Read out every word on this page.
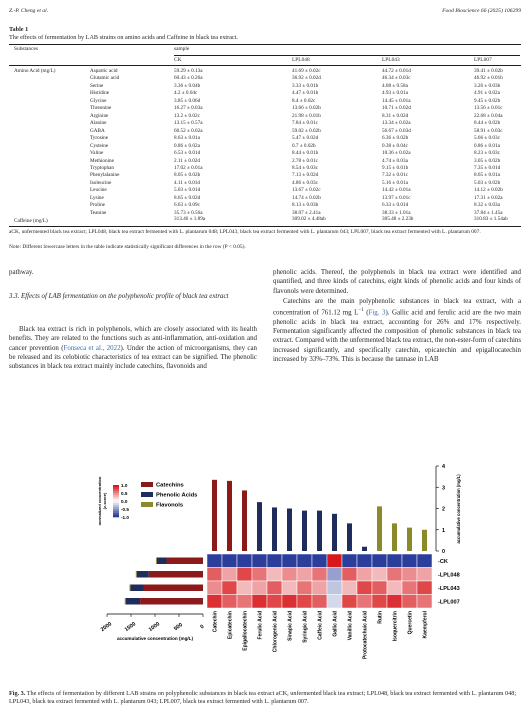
Z.-P. Cheng et al.	Food Bioscience 66 (2025) 106299
Table 1
The effects of fermentation by LAB strains on amino acids and Caffeine in black tea extract.
Substances	sample
CK	LPL048	LPL043	LPL007
Amino Acid (mg/L)	Aspartic acid	59.29 ± 0.13a	41.69 ± 0.02c	44.72 ± 0.01d	39.41 ± 0.02b
Glutamic acid	60.43 ± 0.26a	36.92 ± 0.02d	46.34 ± 0.03c	46.92 ± 0.01b
Serine	3.36 ± 0.04b	3.33 ± 0.01b	4.08 ± 0.58a	3.26 ± 0.03b
Histidine	4.2 ± 0.04c	4.47 ± 0.01b	4.93 ± 0.01a	4.91 ± 0.02a
Glycine	3.85 ± 0.06d	8.4 ± 0.02c	14.45 ± 0.01a	9.45 ± 0.02b
Threonine	16.27 ± 0.03a	13.66 ± 0.02b	10.71 ± 0.02d	13.56 ± 0.01c
Arginine	13.2 ± 0.02c	21.98 ± 0.01b	8.31 ± 0.02d	22.68 ± 0.04a
Alanine	13.15 ± 0.57a	7.84 ± 0.01c	13.34 ± 0.02a	8.44 ± 0.02b
GABA	60.52 ± 0.02a	59.02 ± 0.02b	56.67 ± 0.03d	58.91 ± 0.03c
Tyrosine	8.63 ± 0.01a	5.47 ± 0.02d	6.36 ± 0.02b	5.66 ± 0.03c
Cysteine	0.86 ± 0.02a	0.7 ± 0.02b	0.38 ± 0.04c	0.86 ± 0.01a
Valine	6.53 ± 0.01d	8.44 ± 0.01b	10.36 ± 0.02a	8.23 ± 0.03c
Methionine	2.11 ± 0.02d	2.78 ± 0.01c	4.74 ± 0.03a	3.05 ± 0.02b
Tryptophan	17.02 ± 0.01a	8.54 ± 0.03c	9.15 ± 0.01b	7.35 ± 0.01d
Phenylalanine	8.05 ± 0.02b	7.13 ± 0.02d	7.32 ± 0.01c	8.65 ± 0.01a
Isoleucine	4.11 ± 0.01d	4.86 ± 0.03c	5.16 ± 0.01a	5.03 ± 0.02b
Leucine	5.03 ± 0.01d	13.67 ± 0.02c	14.42 ± 0.01a	14.12 ± 0.02b
Lysine	8.65 ± 0.02d	14.74 ± 0.02b	13.97 ± 0.01c	17.31 ± 0.02a
Proline	6.63 ± 0.09c	8.13 ± 0.03b	6.33 ± 0.01d	8.32 ± 0.03a
Teanine	35.73 ± 0.56a	38.07 ± 2.41a	38.33 ± 1.01a	37.84 ± 1.45a
Caffeine (mg/L)	313.46 ± 1.89a	309.02 ± 4.48ab	305.48 ± 2.23b	310.83 ± 1.54ab
aCK, unfermented black tea extract; LPL048, black tea extract fermented with L. plantarum 048; LPL043, black tea extract fermented with L. plantarum 043; LPL007, black tea extract fermented with L. plantarum 007.
Note: Different lowercase letters in the table indicate statistically significant differences in the row (P < 0.05).
pathway.
3.3. Effects of LAB fermentation on the polyphenolic profile of black tea extract
Black tea extract is rich in polyphenols, which are closely associated with its health benefits. They are related to the functions such as anti-inflammation, anti-oxidation and cancer prevention (Fonseca et al., 2022). Under the action of microorganisms, they can be released and its celobiotic characteristics of tea extract can be signified. The phenolic substances in black tea extract mainly include catechins, flavonoids and
phenolic acids. Thereof, the polyphenols in black tea extract were identified and quantified, and three kinds of catechins, eight kinds of phenolic acids and four kinds of flavonols were determined.
Catechins are the main polyphenolic substances in black tea extract, with a concentration of 761.12 mg $L^{-1}$ (Fig. 3). Gallic acid and ferulic acid are the two main phenolic acids in black tea extract, accounting for 26% and 17% respectively. Fermentation significantly affected the composition of phenolic substances in black tea extract. Compared with the unfermented black tea extract, the non-ester-form of catechins increased significantly, and specifically catechin, epicatechin and epigallocatechin increased by 33%–73%. This is because the tannase in LAB
0
1
2
3
4
accumulative concentration (mg/L)
-CK
-LPL048
-LPL043
-LPL007
Catechin Epicatechin Epigallocatechin Ferulic Acid Chlorogenic Acid Sinapic Acid Syringic Acid Caffeic Acid Gallic Acid Vanillic Acid Protocatechuic Acid Rutin Isoquercitrin Quercetin Kaempferol
2000 1500 1000 500	0
accumulative concentration (mg/L)
1.0
0.5
0.0
-0.5
-1.0
normalized concentration (z-score)
Catechins
Phenolic Acids
Flavonols
Fig. 3. The effects of fermentation by different LAB strains on polyphenolic substances in black tea extract aCK, unfermented black tea extract; LPL048, black tea extract fermented with L. plantarum 048; LPL043, black tea extract fermented with L. plantarum 043; LPL007, black tea extract fermented with L. plantarum 007.
